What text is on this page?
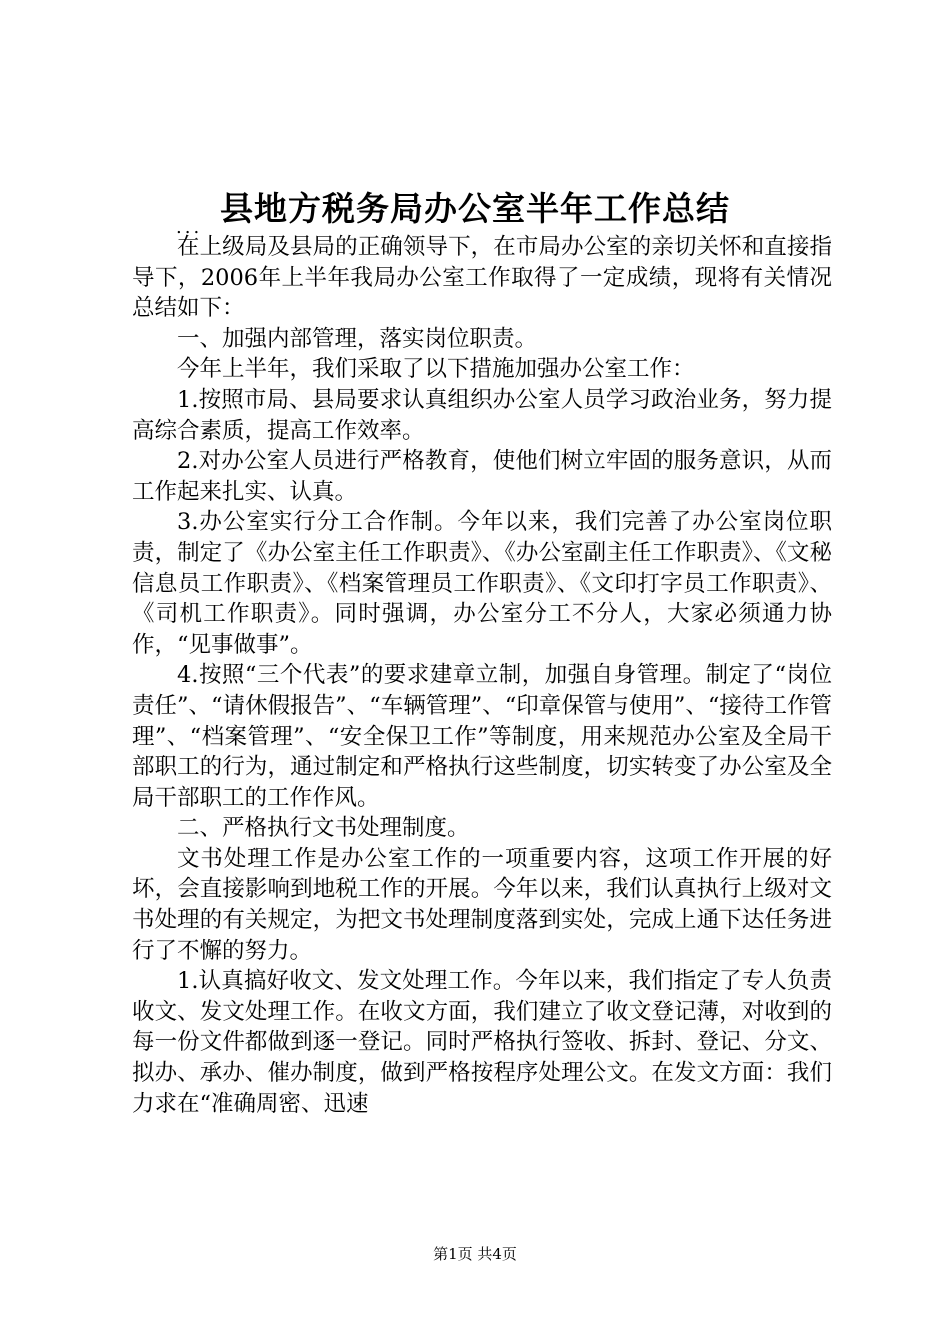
县地方税务局办公室半年工作总结
...

在上级局及县局的正确领导下，在市局办公室的亲切关怀和直接指导下，2006年上半年我局办公室工作取得了一定成绩，现将有关情况总结如下：

一、加强内部管理，落实岗位职责。

今年上半年，我们采取了以下措施加强办公室工作：

1.按照市局、县局要求认真组织办公室人员学习政治业务，努力提高综合素质，提高工作效率。

2.对办公室人员进行严格教育，使他们树立牢固的服务意识，从而工作起来扎实、认真。

3.办公室实行分工合作制。今年以来，我们完善了办公室岗位职责，制定了《办公室主任工作职责》、《办公室副主任工作职责》、《文秘信息员工作职责》、《档案管理员工作职责》、《文印打字员工作职责》、《司机工作职责》。同时强调，办公室分工不分人，大家必须通力协作，“见事做事”。

4.按照“三个代表”的要求建章立制，加强自身管理。制定了“岗位责任”、“请休假报告”、“车辆管理”、“印章保管与使用”、“接待工作管理”、“档案管理”、“安全保卫工作”等制度，用来规范办公室及全局干部职工的行为，通过制定和严格执行这些制度，切实转变了办公室及全局干部职工的工作作风。

二、严格执行文书处理制度。

文书处理工作是办公室工作的一项重要内容，这项工作开展的好坏，会直接影响到地税工作的开展。今年以来，我们认真执行上级对文书处理的有关规定，为把文书处理制度落到实处，完成上通下达任务进行了不懈的努力。

1.认真搞好收文、发文处理工作。今年以来，我们指定了专人负责收文、发文处理工作。在收文方面，我们建立了收文登记薄，对收到的每一份文件都做到逐一登记。同时严格执行签收、拆封、登记、分文、拟办、承办、催办制度，做到严格按程序处理公文。在发文方面：我们力求在“准确周密、迅速

第1页 共4页
